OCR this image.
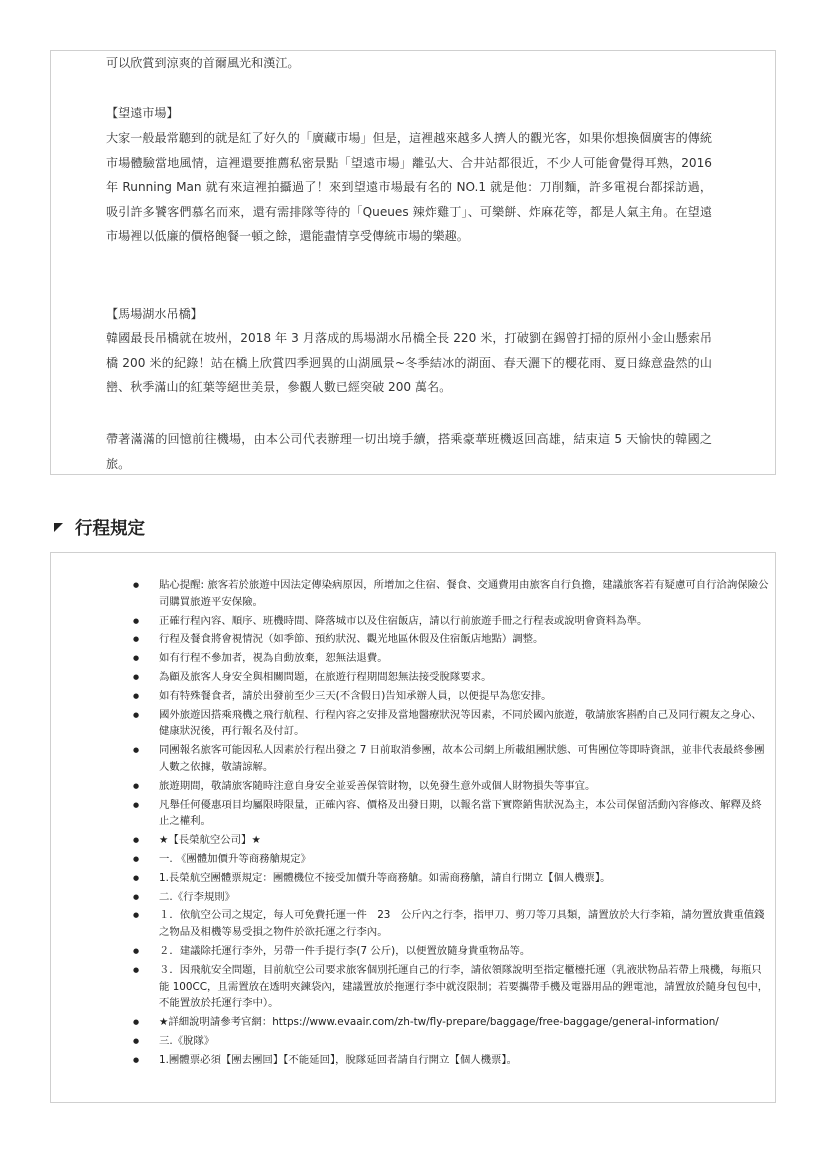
可以欣賞到涼爽的首爾風光和漢江。

【望遠市場】

大家一般最常聽到的就是紅了好久的「廣藏市場」但是，這裡越來越多人擠人的觀光客，如果你想換個廣害的傳統市場體驗當地風情，這裡還要推薦私密景點「望遠市場」離弘大、合井站都很近，不少人可能會覺得耳熟，2016 年 Running Man 就有來這裡拍攝過了！來到望遠市場最有名的 NO.1 就是他：刀削麵，許多電視台都採訪過，吸引許多饕客們慕名而來，還有需排隊等待的「Queues 辣炸雞丁」、可樂餅、炸麻花等，都是人氣主角。在望遠市場裡以低廉的價格飽餐一頓之餘，還能盡情享受傳統市場的樂趣。

【馬場湖水吊橋】

韓國最長吊橋就在坡州，2018 年 3 月落成的馬場湖水吊橋全長 220 米，打破劉在錫曾打掃的原州小金山懸索吊橋 200 米的紀錄！站在橋上欣賞四季迥異的山湖風景~冬季結冰的湖面、春天灑下的櫻花雨、夏日綠意盎然的山巒、秋季滿山的紅葉等絕世美景，參觀人數已經突破 200 萬名。

帶著滿滿的回憶前往機場，由本公司代表辦理一切出境手續，搭乘豪華班機返回高雄，結束這 5 天愉快的韓國之旅。

行程規定
● 貼心提醒: 旅客若於旅遊中因法定傳染病原因，所增加之住宿、餐食、交通費用由旅客自行負擔，建議旅客若有疑慮可自行洽詢保險公司購買旅遊平安保險。
● 正確行程內容、順序、班機時間、降落城市以及住宿飯店，請以行前旅遊手冊之行程表或說明會資料為準。
● 行程及餐食將會視情況（如季節、預約狀況、觀光地區休假及住宿飯店地點）調整。
● 如有行程不參加者，視為自動放棄，恕無法退費。
● 為顧及旅客人身安全與相關問題，在旅遊行程期間恕無法接受脫隊要求。
● 如有特殊餐食者，請於出發前至少三天(不含假日)告知承辦人員，以便提早為您安排。
● 國外旅遊因搭乘飛機之飛行航程、行程內容之安排及當地醫療狀況等因素，不同於國內旅遊，敬請旅客斟酌自己及同行親友之身心、健康狀況後，再行報名及付訂。
● 同團報名旅客可能因私人因素於行程出發之 7 日前取消參團，故本公司網上所載組團狀態、可售團位等即時資訊，並非代表最終參團人數之依據，敬請諒解。
● 旅遊期間，敬請旅客隨時注意自身安全並妥善保管財物，以免發生意外或個人財物損失等事宜。
● 凡舉任何優惠項目均屬限時限量，正確內容、價格及出發日期，以報名當下實際銷售狀況為主，本公司保留活動內容修改、解釋及終止之權利。
● ★【長榮航空公司】★
● 一. 《團體加價升等商務艙規定》
● 1.長榮航空團體票規定：團體機位不接受加價升等商務艙。如需商務艙，請自行開立【個人機票】。
● 二.《行李規則》
● １．依航空公司之規定，每人可免費托運一件　23　公斤內之行李，指甲刀、剪刀等刀具類，請置放於大行李箱，請勿置放貴重值錢之物品及相機等易受損之物件於欲托運之行李內。
● ２．建議除托運行李外，另帶一件手提行李(7 公斤)，以便置放隨身貴重物品等。
● ３．因飛航安全問題，目前航空公司要求旅客個別托運自己的行李，請依領隊說明至指定櫃檯托運（乳液狀物品若帶上飛機，每瓶只能 100CC，且需置放在透明夾鍊袋內，建議置放於拖運行李中就沒限制；若要攜帶手機及電器用品的鋰電池，請置放於隨身包包中，不能置放於托運行李中）。
● ★詳細說明請參考官網：https://www.evaair.com/zh-tw/fly-prepare/baggage/free-baggage/general-information/
● 三.《脫隊》
● 1.團體票必須【團去團回】【不能延回】，脫隊延回者請自行開立【個人機票】。
